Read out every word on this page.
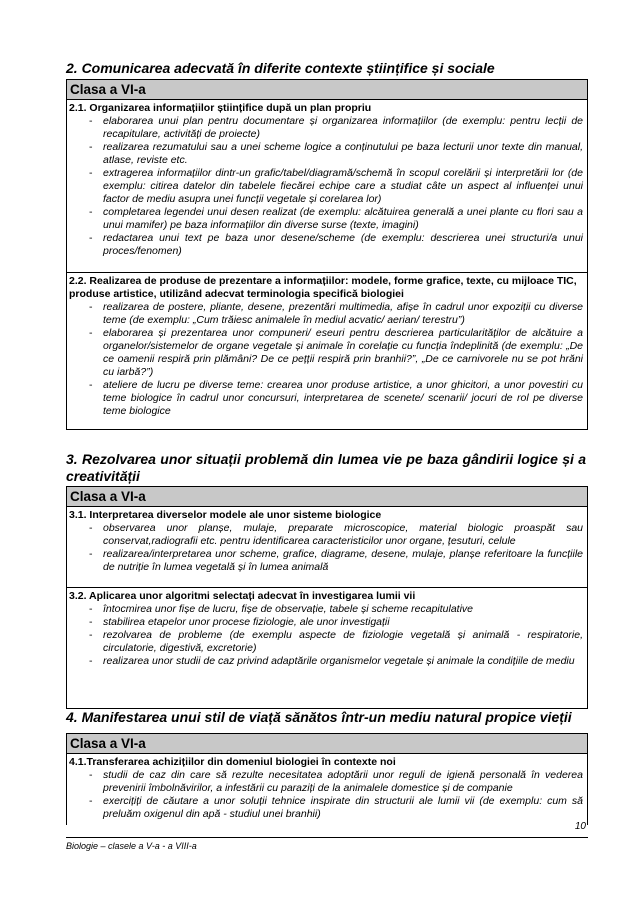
2. Comunicarea adecvată în diferite contexte științifice și sociale
Clasa a VI-a
2.1. Organizarea informațiilor științifice după un plan propriu
- elaborarea unui plan pentru documentare și organizarea informațiilor (de exemplu: pentru lecții de recapitulare, activități de proiecte)
- realizarea rezumatului sau a unei scheme logice a conținutului pe baza lecturii unor texte din manual, atlase, reviste etc.
- extragerea informațiilor dintr-un grafic/tabel/diagramă/schemă în scopul corelării și interpretării lor (de exemplu: citirea datelor din tabelele fiecărei echipe care a studiat câte un aspect al influenței unui factor de mediu asupra unei funcții vegetale și corelarea lor)
- completarea legendei unui desen realizat (de exemplu: alcătuirea generală a unei plante cu flori sau a unui mamifer) pe baza informațiilor din diverse surse (texte, imagini)
- redactarea unui text pe baza unor desene/scheme (de exemplu: descrierea unei structuri/a unui proces/fenomen)
2.2. Realizarea de produse de prezentare a informațiilor: modele, forme grafice, texte, cu mijloace TIC, produse artistice, utilizând adecvat terminologia specifică biologiei
- realizarea de postere, pliante, desene, prezentări multimedia, afișe în cadrul unor expoziții cu diverse teme (de exemplu: „Cum trăiesc animalele în mediul acvatic/ aerian/ terestru”)
- elaborarea și prezentarea unor compuneri/ eseuri pentru descrierea particularităților de alcătuire a organelor/sistemelor de organe vegetale și animale în corelație cu funcția îndeplinită (de exemplu: „De ce oamenii respiră prin plămâni? De ce pețții respiră prin branhii?”, „De ce carnivorele nu se pot hrăni cu iarbă?”)
- ateliere de lucru pe diverse teme: crearea unor produse artistice, a unor ghicitori, a unor povestiri cu teme biologice în cadrul unor concursuri, interpretarea de scenete/ scenarii/ jocuri de rol pe diverse teme biologice
3. Rezolvarea unor situații problemă din lumea vie pe baza gândirii logice și a creativității
Clasa a VI-a
3.1. Interpretarea diverselor modele ale unor sisteme biologice
- observarea unor planșe, mulaje, preparate microscopice, material biologic proaspăt sau conservat,radiografii etc. pentru identificarea caracteristicilor unor organe, țesuturi, celule
- realizarea/interpretarea unor scheme, grafice, diagrame, desene, mulaje, planșe referitoare la funcțiile de nutriție în lumea vegetală și în lumea animală
3.2. Aplicarea unor algoritmi selectați adecvat în investigarea lumii vii
- întocmirea unor fișe de lucru, fișe de observație, tabele și scheme recapitulative
- stabilirea etapelor unor procese fiziologie, ale unor investigații
- rezolvarea de probleme (de exemplu aspecte de fiziologie vegetală și animală - respiratorie, circulatorie, digestivă, excretorie)
- realizarea unor studii de caz privind adaptările organismelor vegetale și animale la condițiile de mediu
4. Manifestarea unui stil de viață sănătos într-un mediu natural propice vieții
Clasa a VI-a
4.1.Transferarea achizițiilor din domeniul biologiei în contexte noi
- studii de caz din care să rezulte necesitatea adoptării unor reguli de igienă personală în vederea prevenirii îmbolnăvirilor, a infestării cu paraziți de la animalele domestice și de companie
- exercițiți de căutare a unor soluții tehnice inspirate din structurii ale lumii vii (de exemplu: cum să preluăm oxigenul din apă - studiul unei branhii)
10
Biologie – clasele a V-a - a VIII-a
